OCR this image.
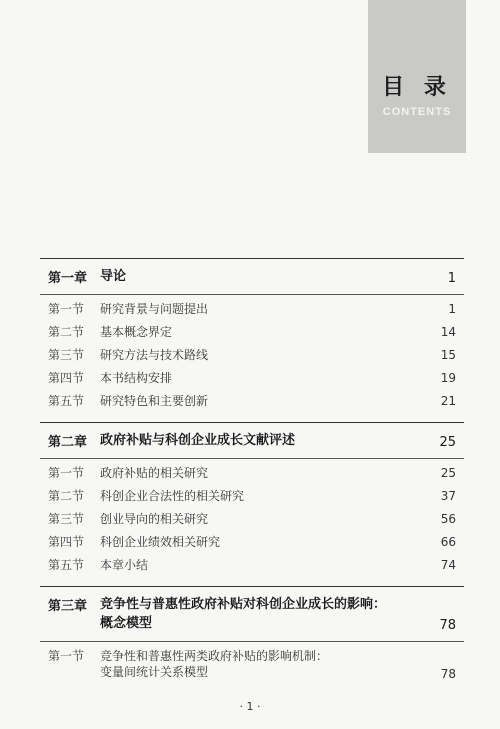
目 录
CONTENTS
第一章 导论	1
第一节	研究背景与问题提出	1
第二节	基本概念界定	14
第三节	研究方法与技术路线	15
第四节	本书结构安排	19
第五节	研究特色和主要创新	21
第二章 政府补贴与科创企业成长文献评述	25
第一节	政府补贴的相关研究	25
第二节	科创企业合法性的相关研究	37
第三节	创业导向的相关研究	56
第四节	科创企业绩效相关研究	66
第五节	本章小结	74
第三章 竞争性与普惠性政府补贴对科创企业成长的影响：
概念模型	78
第一节	竞争性和普惠性两类政府补贴的影响机制：
变量间统计关系模型	78
· 1 ·
